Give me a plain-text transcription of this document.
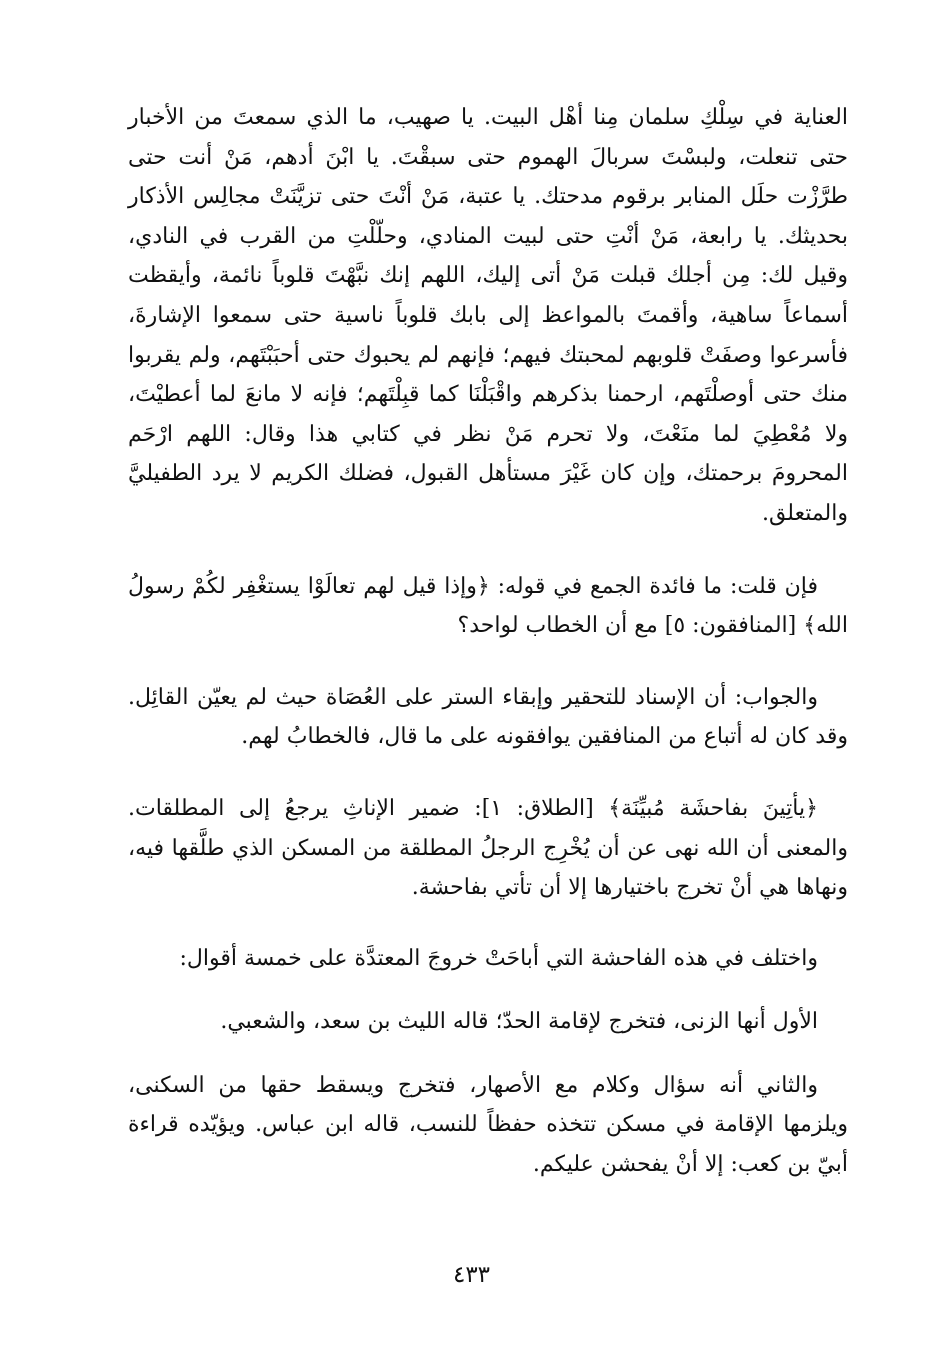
العناية في سِلْكِ سلمان مِنا أهْل البيت. يا صهيب، ما الذي سمعتَ من الأخبار حتى تنعلت، ولبسْتَ سربالَ الهموم حتى سبقْتَ. يا ابْنَ أدهم، مَنْ أنت حتى طرَّزْت حلَل المنابر برقوم مدحتك. يا عتبة، مَنْ أنْتَ حتى تزيَّنَتْ مجالِس الأذكار بحديثك. يا رابعة، مَنْ أنْتِ حتى لبيت المنادي، وحلّلْتِ من القرب في النادي، وقيل لك: مِن أجلك قبلت مَنْ أتى إليك، اللهم إنك نبَّهْتَ قلوباً نائمة، وأيقظت أسماعاً ساهية، وأقمتَ بالمواعظ إلى بابك قلوباً ناسية حتى سمعوا الإشارةَ، فأسرعوا وصفَتْ قلوبهم لمحبتك فيهم؛ فإنهم لم يحبوك حتى أحبَبْتَهم، ولم يقربوا منك حتى أوصلْتَهم، ارحمنا بذكرهم واقْبَلْنَا كما قبِلْتَهم؛ فإنه لا مانعَ لما أعطيْتَ، ولا مُعْطِيَ لما منَعْتَ، ولا تحرم مَنْ نظر في كتابي هذا وقال: اللهم ارْحَم المحرومَ برحمتك، وإن كان غَيْرَ مستأهل القبول، فضلك الكريم لا يرد الطفيليَّ والمتعلق.

فإن قلت: ما فائدة الجمع في قوله: ﴿وإذا قيل لهم تعالَوْا يستغْفِر لكُمْ رسولُ الله﴾ [المنافقون: ٥] مع أن الخطاب لواحد؟

والجواب: أن الإسناد للتحقير وإبقاء الستر على العُصَاة حيث لم يعيّن القائِل. وقد كان له أتباع من المنافقين يوافقونه على ما قال، فالخطابُ لهم.

﴿يأتِينَ بفاحشَة مُبيِّنَة﴾ [الطلاق: ١]: ضمير الإناثِ يرجعُ إلى المطلقات. والمعنى أن الله نهى عن أن يُخْرِج الرجلُ المطلقة من المسكن الذي طلَّقها فيه، ونهاها هي أنْ تخرج باختيارها إلا أن تأتي بفاحشة.

واختلف في هذه الفاحشة التي أباحَتْ خروجَ المعتدَّة على خمسة أقوال:

الأول أنها الزنى، فتخرج لإقامة الحدّ؛ قاله الليث بن سعد، والشعبي.

والثاني أنه سؤال وكلام مع الأصهار، فتخرج ويسقط حقها من السكنى، ويلزمها الإقامة في مسكن تتخذه حفظاً للنسب، قاله ابن عباس. ويؤيّده قراءة أبيّ بن كعب: إلا أنْ يفحشن عليكم.

٤٣٣
